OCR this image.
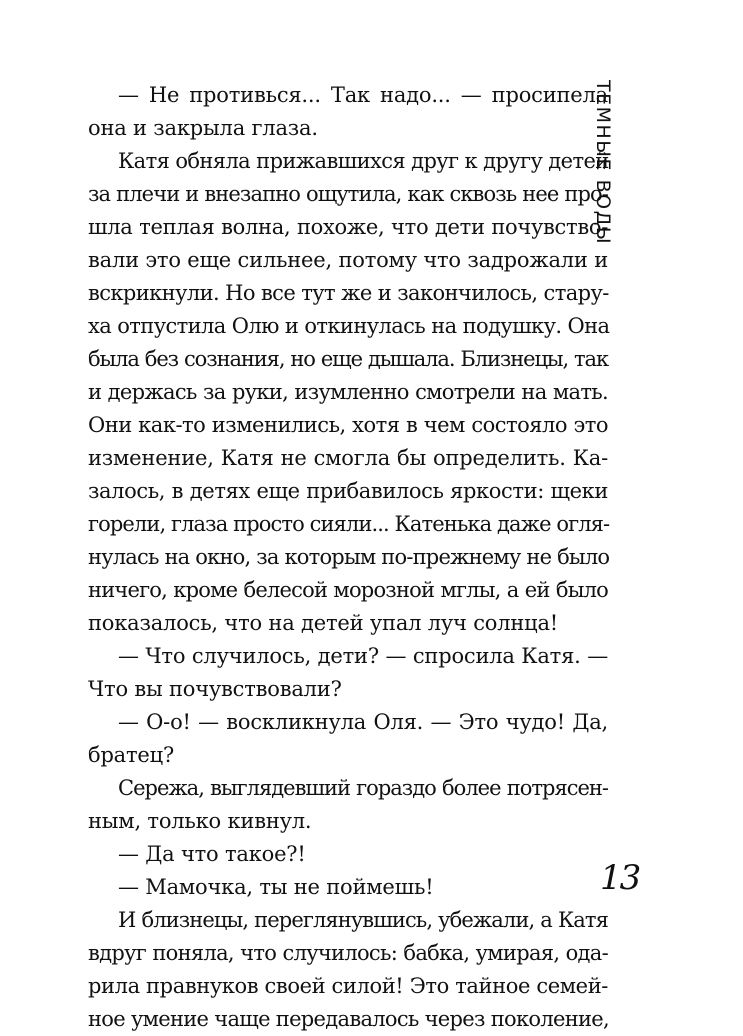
ТЕМНЫЕ ВОДЫ
— Не противься... Так надо... — просипела
она и закрыла глаза.
Катя обняла прижавшихся друг к другу детей
за плечи и внезапно ощутила, как сквозь нее про-
шла теплая волна, похоже, что дети почувство-
вали это еще сильнее, потому что задрожали и
вскрикнули. Но все тут же и закончилось, стару-
ха отпустила Олю и откинулась на подушку. Она
была без сознания, но еще дышала. Близнецы, так
и держась за руки, изумленно смотрели на мать.
Они как-то изменились, хотя в чем состояло это
изменение, Катя не смогла бы определить. Ка-
залось, в детях еще прибавилось яркости: щеки
горели, глаза просто сияли... Катенька даже огля-
нулась на окно, за которым по-прежнему не было
ничего, кроме белесой морозной мглы, а ей было
показалось, что на детей упал луч солнца!
— Что случилось, дети? — спросила Катя. —
Что вы почувствовали?
— О-о! — воскликнула Оля. — Это чудо! Да,
братец?
Сережа, выглядевший гораздо более потрясен-
ным, только кивнул.
— Да что такое?!
— Мамочка, ты не поймешь!
И близнецы, переглянувшись, убежали, а Катя
вдруг поняла, что случилось: бабка, умирая, ода-
рила правнуков своей силой! Это тайное семей-
ное умение чаще передавалось через поколение,
13
